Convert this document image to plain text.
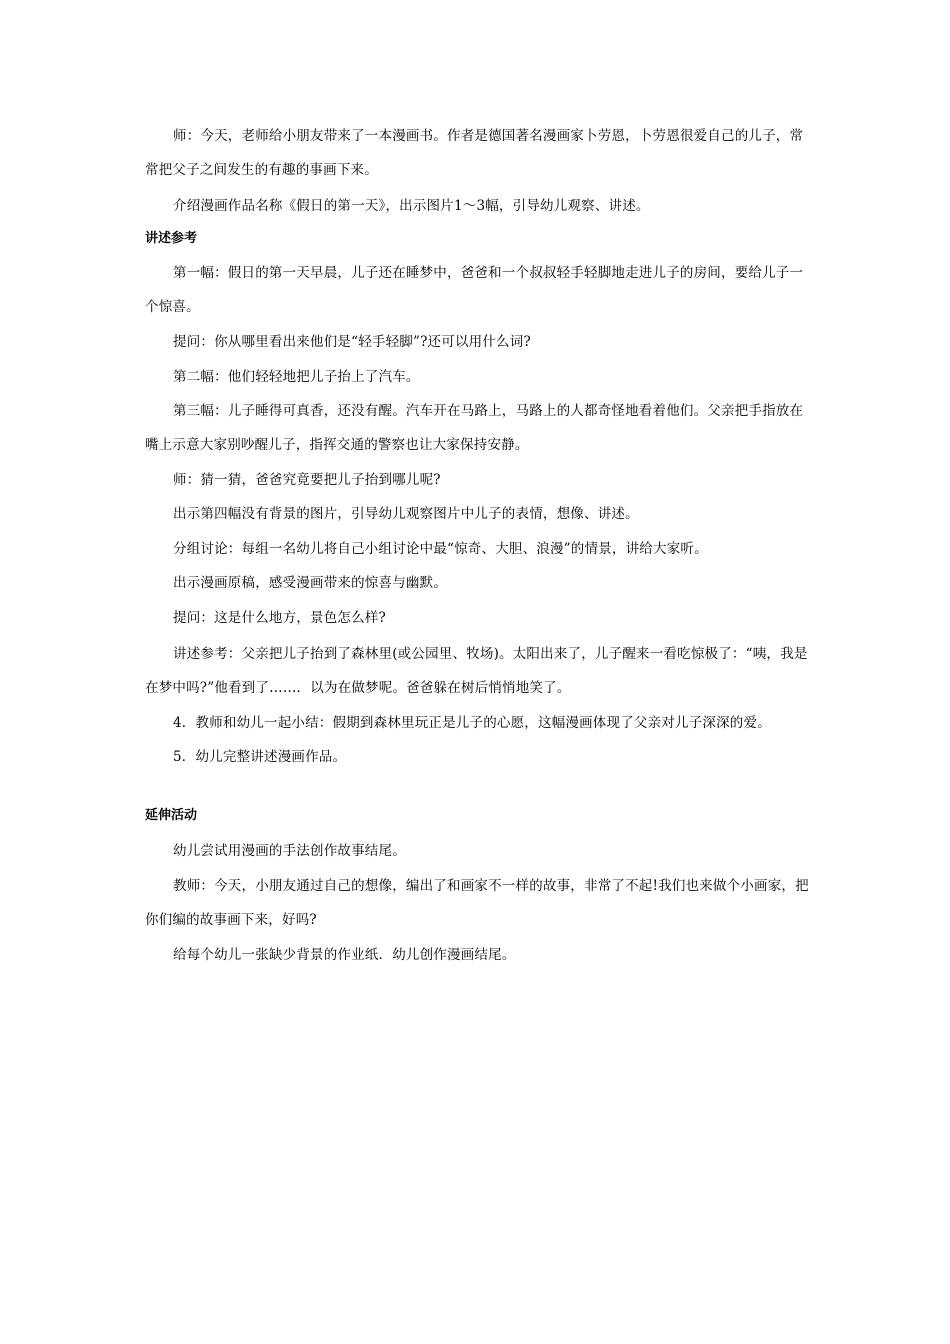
师：今天，老师给小朋友带来了一本漫画书。作者是德国著名漫画家卜劳恩，卜劳恩很爱自己的儿子，常常把父子之间发生的有趣的事画下来。
介绍漫画作品名称《假日的第一天》，出示图片1～3幅，引导幼儿观察、讲述。
讲述参考
第一幅：假日的第一天早晨，儿子还在睡梦中，爸爸和一个叔叔轻手轻脚地走进儿子的房间，要给儿子一个惊喜。
提问：你从哪里看出来他们是“轻手轻脚”?还可以用什么词?
第二幅：他们轻轻地把儿子抬上了汽车。
第三幅：儿子睡得可真香，还没有醒。汽车开在马路上，马路上的人都奇怪地看着他们。父亲把手指放在嘴上示意大家别吵醒儿子，指挥交通的警察也让大家保持安静。
师：猜一猜，爸爸究竟要把儿子抬到哪儿呢?
出示第四幅没有背景的图片，引导幼儿观察图片中儿子的表情，想像、讲述。
分组讨论：每组一名幼儿将自己小组讨论中最“惊奇、大胆、浪漫”的情景，讲给大家听。
出示漫画原稿，感受漫画带来的惊喜与幽默。
提问：这是什么地方，景色怎么样?
讲述参考：父亲把儿子抬到了森林里(或公园里、牧场)。太阳出来了，儿子醒来一看吃惊极了：“咦，我是在梦中吗?”他看到了……．以为在做梦呢。爸爸躲在树后悄悄地笑了。
4．教师和幼儿一起小结：假期到森林里玩正是儿子的心愿，这幅漫画体现了父亲对儿子深深的爱。
5．幼儿完整讲述漫画作品。
延伸活动
幼儿尝试用漫画的手法创作故事结尾。
教师：今天，小朋友通过自己的想像，编出了和画家不一样的故事，非常了不起!我们也来做个小画家，把你们编的故事画下来，好吗?
给每个幼儿一张缺少背景的作业纸．幼儿创作漫画结尾。
